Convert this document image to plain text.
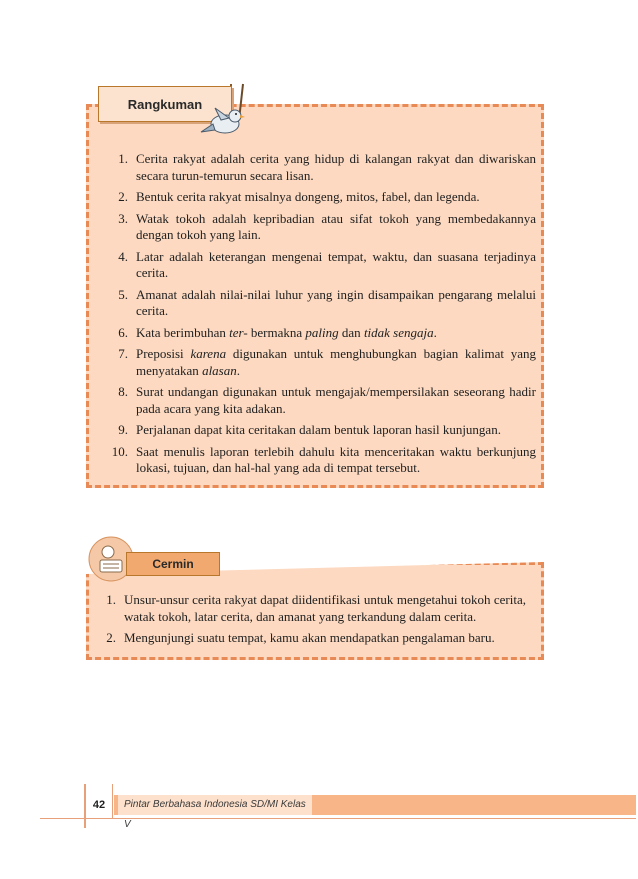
Rangkuman
1. Cerita rakyat adalah cerita yang hidup di kalangan rakyat dan diwariskan secara turun-temurun secara lisan.
2. Bentuk cerita rakyat misalnya dongeng, mitos, fabel, dan legenda.
3. Watak tokoh adalah kepribadian atau sifat tokoh yang membedakannya dengan tokoh yang lain.
4. Latar adalah keterangan mengenai tempat, waktu, dan suasana terjadinya cerita.
5. Amanat adalah nilai-nilai luhur yang ingin disampaikan pengarang melalui cerita.
6. Kata berimbuhan ter- bermakna paling dan tidak sengaja.
7. Preposisi karena digunakan untuk menghubungkan bagian kalimat yang menyatakan alasan.
8. Surat undangan digunakan untuk mengajak/mempersilakan seseorang hadir pada acara yang kita adakan.
9. Perjalanan dapat kita ceritakan dalam bentuk laporan hasil kunjungan.
10. Saat menulis laporan terlebih dahulu kita menceritakan waktu berkunjung lokasi, tujuan, dan hal-hal yang ada di tempat tersebut.
Cermin
1. Unsur-unsur cerita rakyat dapat diidentifikasi untuk mengetahui tokoh cerita, watak tokoh, latar cerita, dan amanat yang terkandung dalam cerita.
2. Mengunjungi suatu tempat, kamu akan mendapatkan pengalaman baru.
42	Pintar Berbahasa Indonesia SD/MI Kelas V
